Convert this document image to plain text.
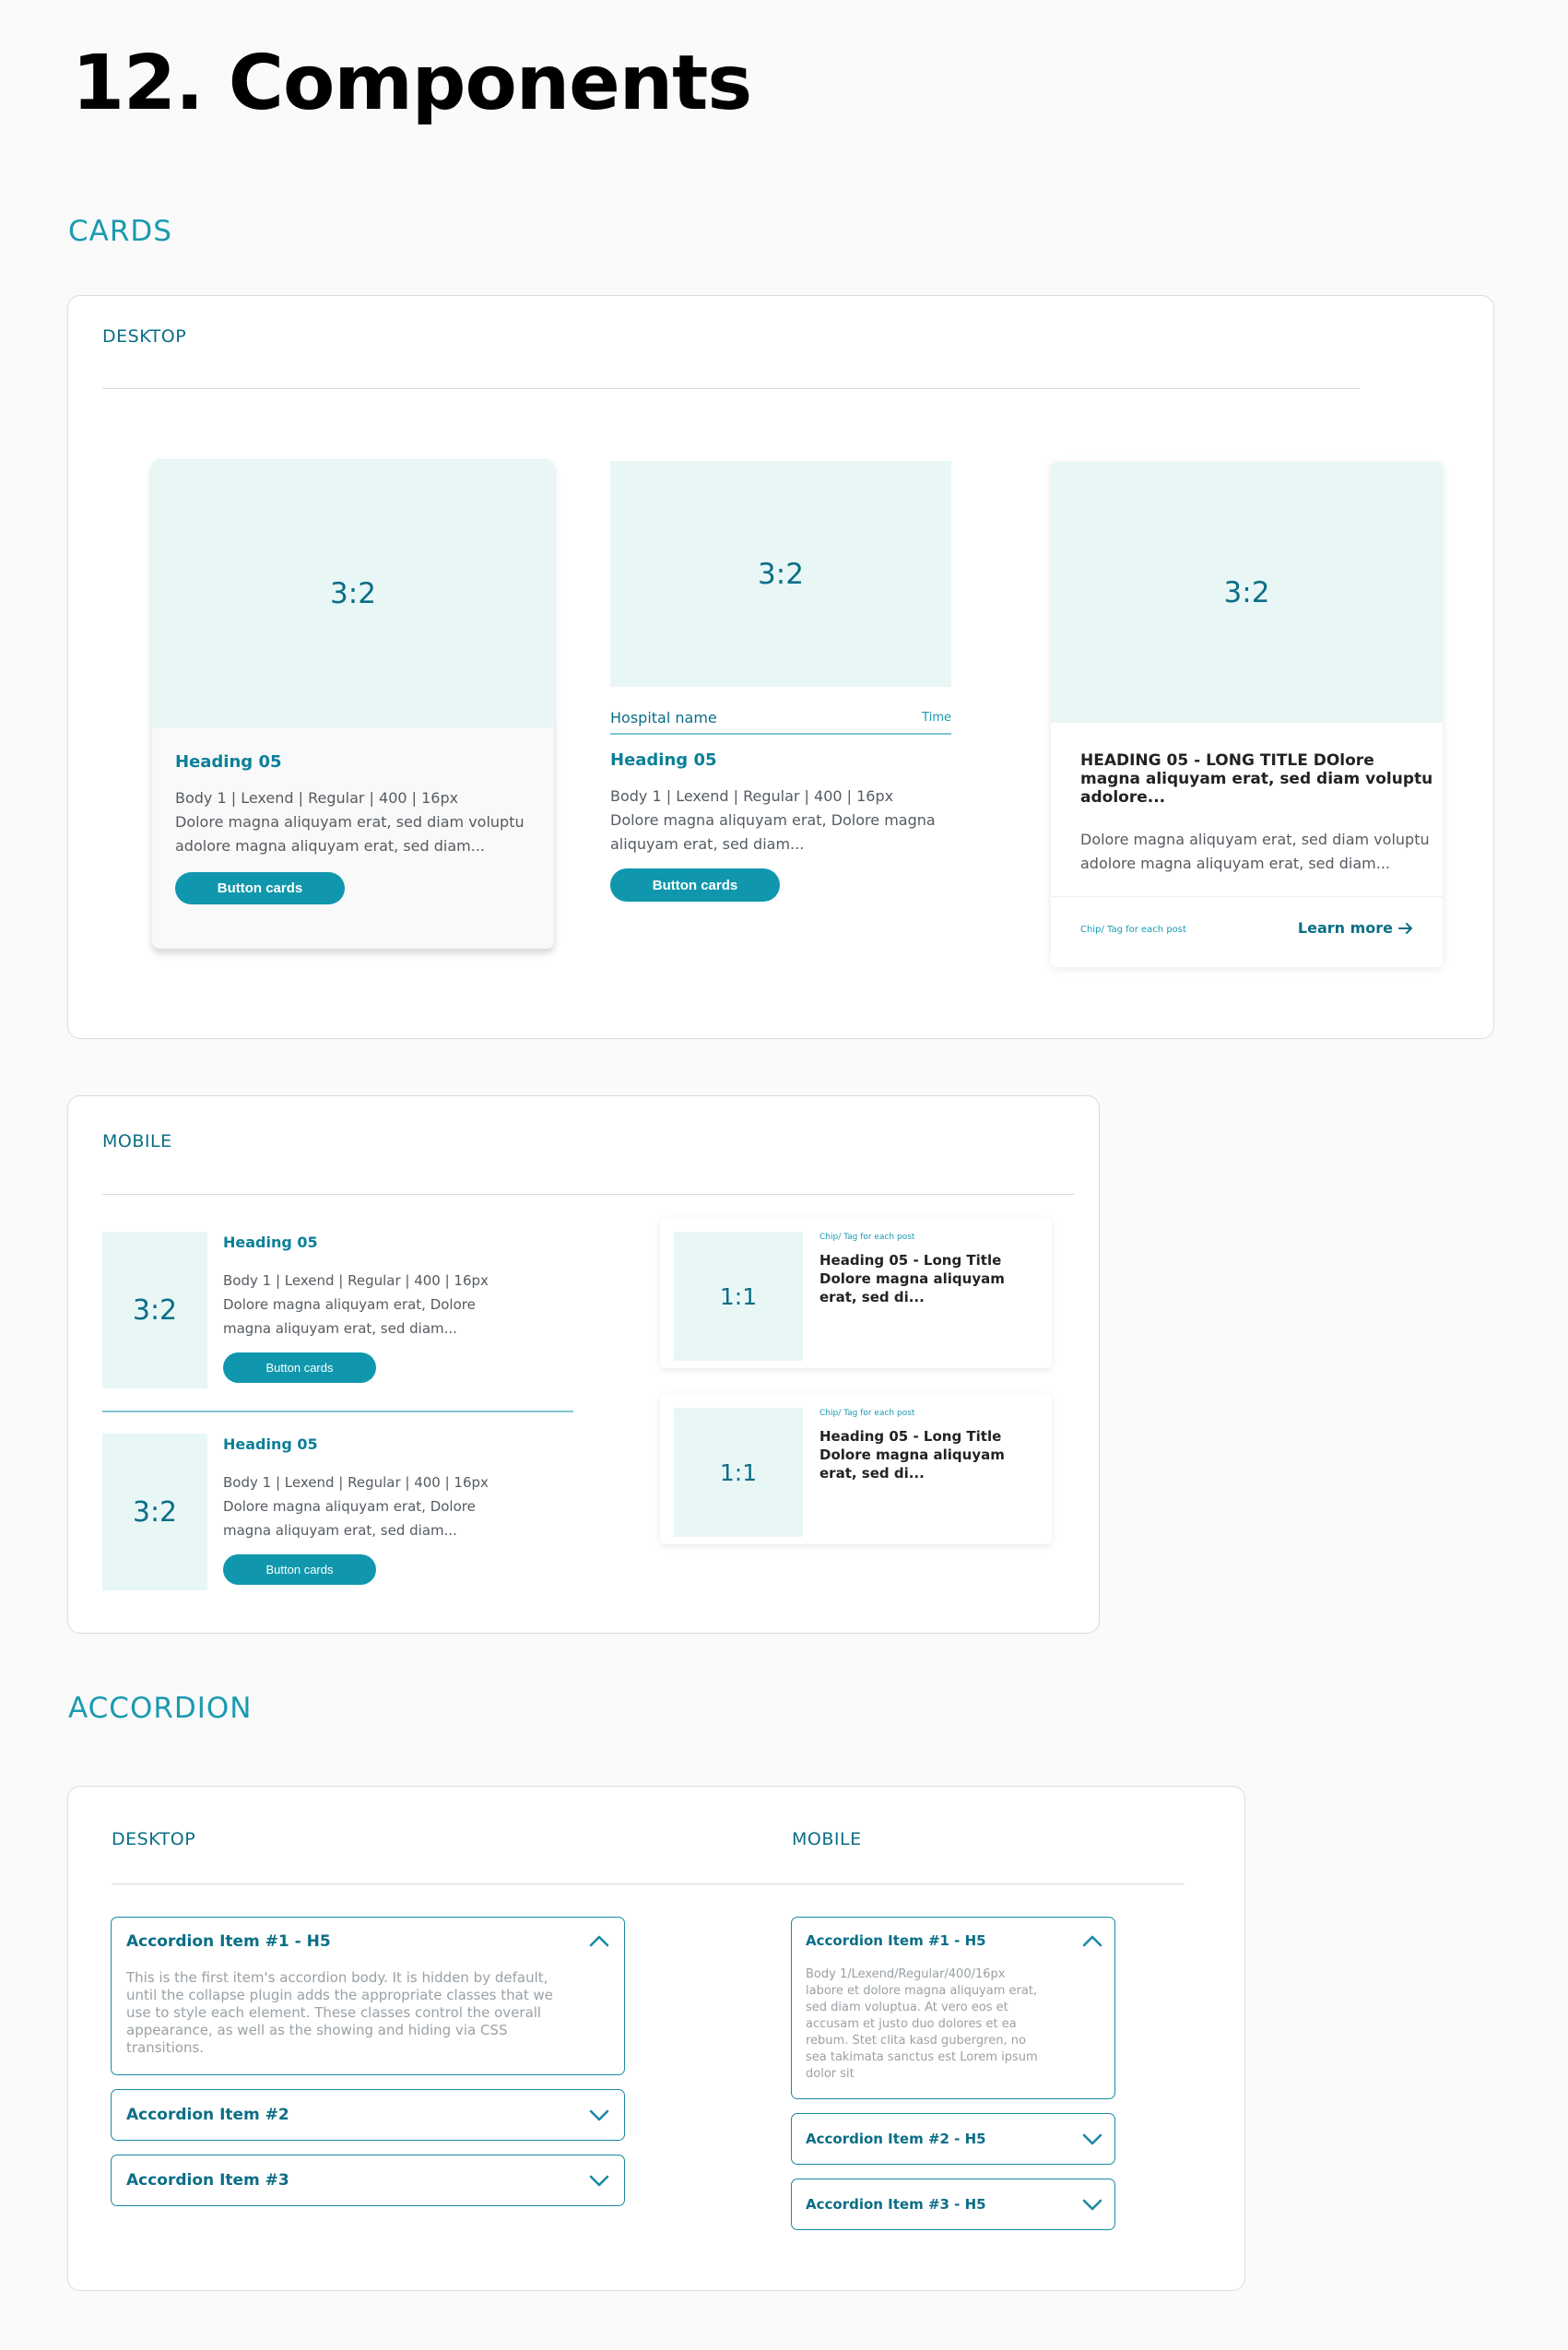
12. Components
CARDS
DESKTOP
3:2
Heading 05
Body 1 | Lexend | Regular | 400 | 16px
Dolore magna aliquyam erat, sed diam voluptu
adolore magna aliquyam erat, sed diam...
Button cards
3:2
Hospital name	Time
Heading 05
Body 1 | Lexend | Regular | 400 | 16px
Dolore magna aliquyam erat, Dolore magna
aliquyam erat, sed diam...
Button cards
3:2
HEADING 05 - LONG TITLE DOlore
magna aliquyam erat, sed diam voluptu
adolore...
Dolore magna aliquyam erat, sed diam voluptu
adolore magna aliquyam erat, sed diam...
Chip/ Tag for each post	Learn more
MOBILE
3:2
Heading 05
Body 1 | Lexend | Regular | 400 | 16px
Dolore magna aliquyam erat, Dolore
magna aliquyam erat, sed diam...
Button cards
3:2
Heading 05
Body 1 | Lexend | Regular | 400 | 16px
Dolore magna aliquyam erat, Dolore
magna aliquyam erat, sed diam...
Button cards
1:1
Chip/ Tag for each post
Heading 05 - Long Title
Dolore magna aliquyam
erat, sed di...
1:1
Chip/ Tag for each post
Heading 05 - Long Title
Dolore magna aliquyam
erat, sed di...
ACCORDION
DESKTOP	MOBILE
Accordion Item #1 - H5
This is the first item's accordion body. It is hidden by default,
until the collapse plugin adds the appropriate classes that we
use to style each element. These classes control the overall
appearance, as well as the showing and hiding via CSS
transitions.
Accordion Item #2
Accordion Item #3
Accordion Item #1 - H5
Body 1/Lexend/Regular/400/16px
labore et dolore magna aliquyam erat,
sed diam voluptua. At vero eos et
accusam et justo duo dolores et ea
rebum. Stet clita kasd gubergren, no
sea takimata sanctus est Lorem ipsum
dolor sit
Accordion Item #2 - H5
Accordion Item #3 - H5
